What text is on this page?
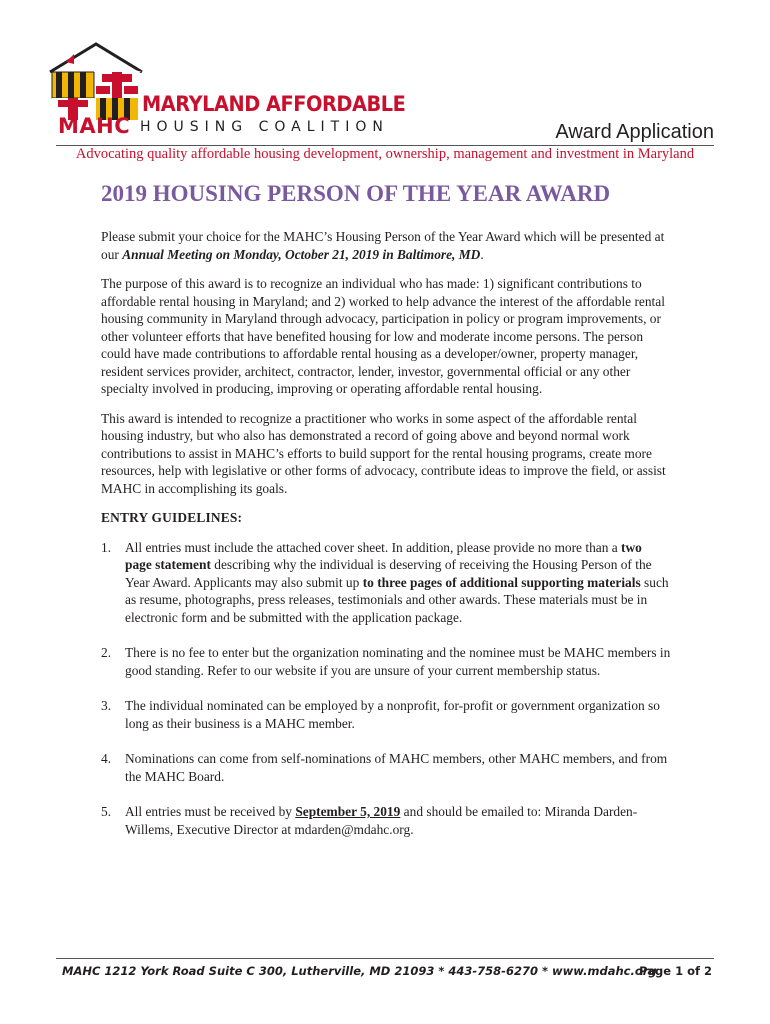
MARYLAND AFFORDABLE
MAHC HOUSING COALITION	Award Application
Advocating quality affordable housing development, ownership, management and investment in Maryland
2019 HOUSING PERSON OF THE YEAR AWARD

Please submit your choice for the MAHC’s Housing Person of the Year Award which will be presented at our Annual Meeting on Monday, October 21, 2019 in Baltimore, MD.

The purpose of this award is to recognize an individual who has made: 1) significant contributions to affordable rental housing in Maryland; and 2) worked to help advance the interest of the affordable rental housing community in Maryland through advocacy, participation in policy or program improvements, or other volunteer efforts that have benefited housing for low and moderate income persons. The person could have made contributions to affordable rental housing as a developer/owner, property manager, resident services provider, architect, contractor, lender, investor, governmental official or any other specialty involved in producing, improving or operating affordable rental housing.

This award is intended to recognize a practitioner who works in some aspect of the affordable rental housing industry, but who also has demonstrated a record of going above and beyond normal work contributions to assist in MAHC’s efforts to build support for the rental housing programs, create more resources, help with legislative or other forms of advocacy, contribute ideas to improve the field, or assist MAHC in accomplishing its goals.

ENTRY GUIDELINES:

1. All entries must include the attached cover sheet. In addition, please provide no more than a two page statement describing why the individual is deserving of receiving the Housing Person of the Year Award. Applicants may also submit up to three pages of additional supporting materials such as resume, photographs, press releases, testimonials and other awards. These materials must be in electronic form and be submitted with the application package.
2. There is no fee to enter but the organization nominating and the nominee must be MAHC members in good standing. Refer to our website if you are unsure of your current membership status.
3. The individual nominated can be employed by a nonprofit, for-profit or government organization so long as their business is a MAHC member.
4. Nominations can come from self-nominations of MAHC members, other MAHC members, and from the MAHC Board.
5. All entries must be received by September 5, 2019 and should be emailed to: Miranda Darden-Willems, Executive Director at mdarden@mdahc.org.
MAHC 1212 York Road Suite C 300, Lutherville, MD 21093 * 443-758-6270 * www.mdahc.org
Page 1 of 2
